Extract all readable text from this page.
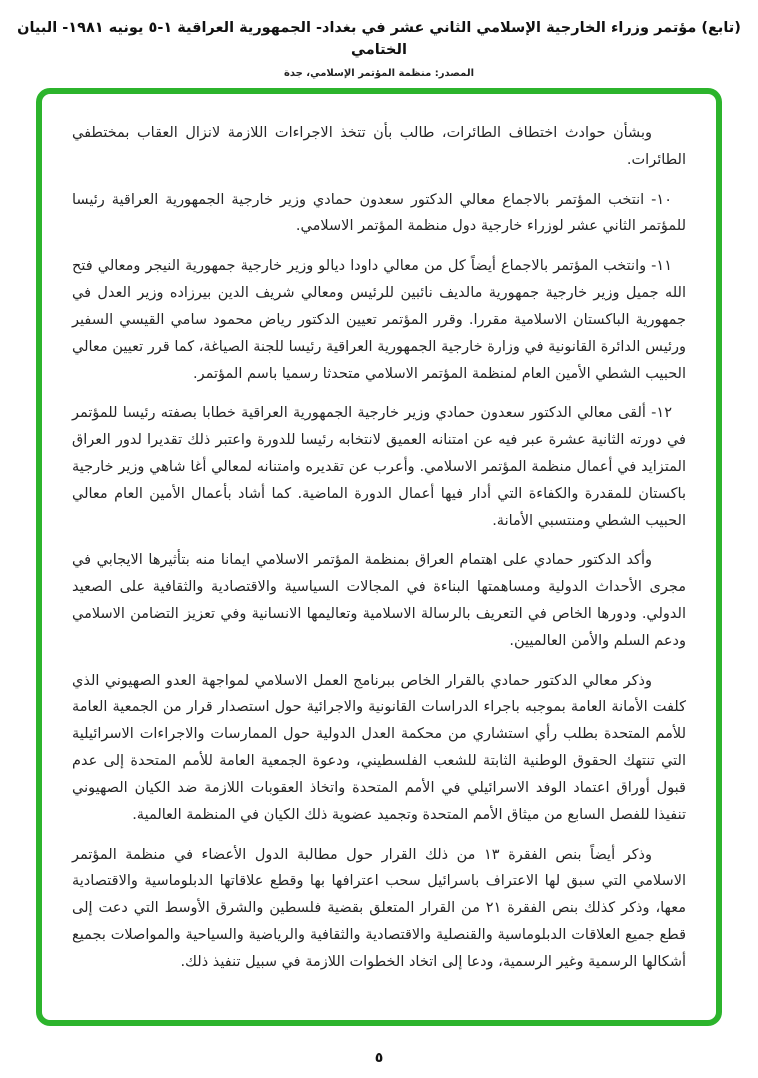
(تابع) مؤتمر وزراء الخارجية الإسلامي الثاني عشر في بغداد- الجمهورية العراقية ١-٥ يونيه ١٩٨١- البيان الختامي
المصدر: منظمة المؤتمر الإسلامي، جدة

وبشأن حوادث اختطاف الطائرات، طالب بأن تتخذ الاجراءات اللازمة لانزال العقاب بمختطفي الطائرات.

١٠- انتخب المؤتمر بالاجماع معالي الدكتور سعدون حمادي وزير خارجية الجمهورية العراقية رئيسا للمؤتمر الثاني عشر لوزراء خارجية دول منظمة المؤتمر الاسلامي.

١١- وانتخب المؤتمر بالاجماع أيضاً كل من معالي داودا ديالو وزير خارجية جمهورية النيجر ومعالي فتح الله جميل وزير خارجية جمهورية مالديف نائبين للرئيس ومعالي شريف الدين بيرزاده وزير العدل في جمهورية الباكستان الاسلامية مقررا. وقرر المؤتمر تعيين الدكتور رياض محمود سامي القيسي السفير ورئيس الدائرة القانونية في وزارة خارجية الجمهورية العراقية رئيسا للجنة الصياغة، كما قرر تعيين معالي الحبيب الشطي الأمين العام لمنظمة المؤتمر الاسلامي متحدثا رسميا باسم المؤتمر.

١٢- ألقى معالي الدكتور سعدون حمادي وزير خارجية الجمهورية العراقية خطابا بصفته رئيسا للمؤتمر في دورته الثانية عشرة عبر فيه عن امتنانه العميق لانتخابه رئيسا للدورة واعتبر ذلك تقديرا لدور العراق المتزايد في أعمال منظمة المؤتمر الاسلامي. وأعرب عن تقديره وامتنانه لمعالي أغا شاهي وزير خارجية باكستان للمقدرة والكفاءة التي أدار فيها أعمال الدورة الماضية. كما أشاد بأعمال الأمين العام معالي الحبيب الشطي ومنتسبي الأمانة.

وأكد الدكتور حمادي على اهتمام العراق بمنظمة المؤتمر الاسلامي ايمانا منه بتأثيرها الايجابي في مجرى الأحداث الدولية ومساهمتها البناءة في المجالات السياسية والاقتصادية والثقافية على الصعيد الدولي. ودورها الخاص في التعريف بالرسالة الاسلامية وتعاليمها الانسانية وفي تعزيز التضامن الاسلامي ودعم السلم والأمن العالميين.

وذكر معالي الدكتور حمادي بالقرار الخاص ببرنامج العمل الاسلامي لمواجهة العدو الصهيوني الذي كلفت الأمانة العامة بموجبه باجراء الدراسات القانونية والاجرائية حول استصدار قرار من الجمعية العامة للأمم المتحدة بطلب رأي استشاري من محكمة العدل الدولية حول الممارسات والاجراءات الاسرائيلية التي تنتهك الحقوق الوطنية الثابتة للشعب الفلسطيني، ودعوة الجمعية العامة للأمم المتحدة إلى عدم قبول أوراق اعتماد الوفد الاسرائيلي في الأمم المتحدة واتخاذ العقوبات اللازمة ضد الكيان الصهيوني تنفيذا للفصل السابع من ميثاق الأمم المتحدة وتجميد عضوية ذلك الكيان في المنظمة العالمية.

وذكر أيضاً بنص الفقرة ١٣ من ذلك القرار حول مطالبة الدول الأعضاء في منظمة المؤتمر الاسلامي التي سبق لها الاعتراف باسرائيل سحب اعترافها بها وقطع علاقاتها الدبلوماسية والاقتصادية معها، وذكر كذلك بنص الفقرة ٢١ من القرار المتعلق بقضية فلسطين والشرق الأوسط التي دعت إلى قطع جميع العلاقات الدبلوماسية والقنصلية والاقتصادية والثقافية والرياضية والسياحية والمواصلات بجميع أشكالها الرسمية وغير الرسمية، ودعا إلى اتخاد الخطوات اللازمة في سبيل تنفيذ ذلك.

٥
